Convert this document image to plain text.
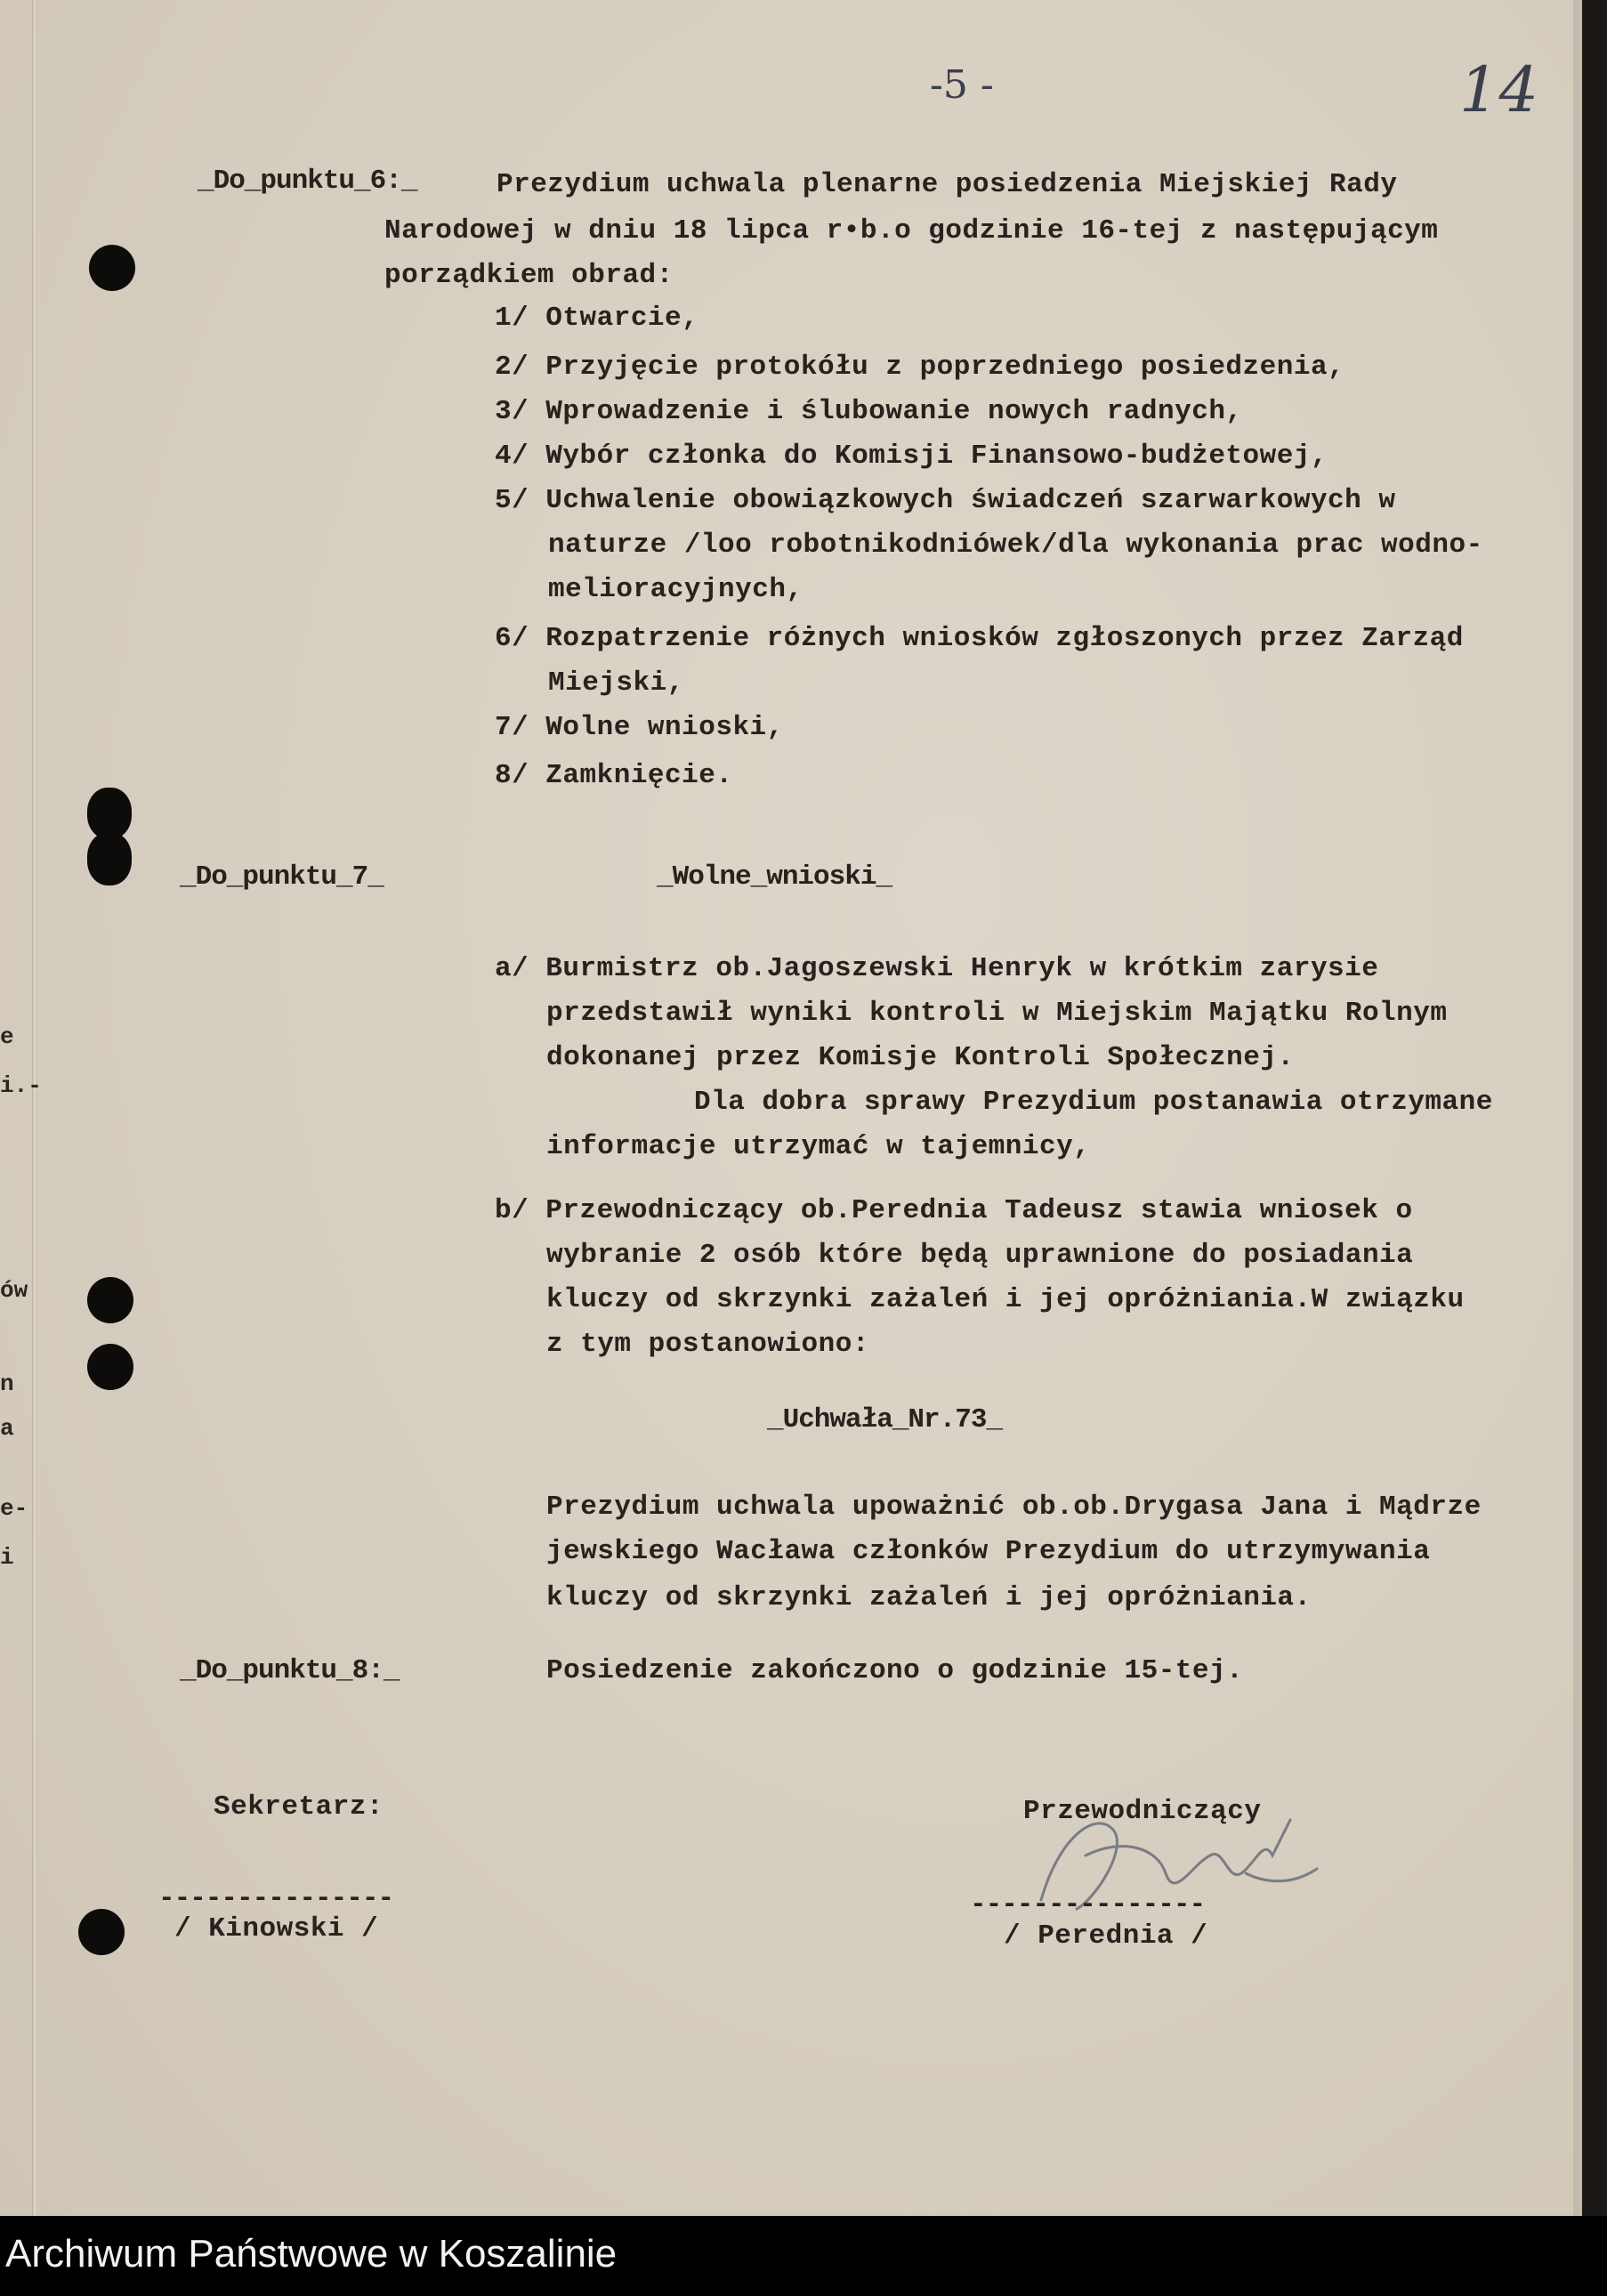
e
i.-
ów
n
a
e-
i
-5 -	14
_Do_punktu_6:_	Prezydium uchwala plenarne posiedzenia Miejskiej Rady
Narodowej w dniu 18 lipca r•b.o godzinie 16-tej z następującym
porządkiem obrad:
1/ Otwarcie,
2/ Przyjęcie protokółu z poprzedniego posiedzenia,
3/ Wprowadzenie i ślubowanie nowych radnych,
4/ Wybór członka do Komisji Finansowo-budżetowej,
5/ Uchwalenie obowiązkowych świadczeń szarwarkowych w
naturze /loo robotnikodniówek/dla wykonania prac wodno-
melioracyjnych,
6/ Rozpatrzenie różnych wniosków zgłoszonych przez Zarząd
Miejski,
7/ Wolne wnioski,
8/ Zamknięcie.
_Do_punktu_7_	_Wolne_wnioski_
a/ Burmistrz ob.Jagoszewski Henryk w krótkim zarysie
przedstawił wyniki kontroli w Miejskim Majątku Rolnym
dokonanej przez Komisje Kontroli Społecznej.
Dla dobra sprawy Prezydium postanawia otrzymane
informacje utrzymać w tajemnicy,
b/ Przewodniczący ob.Perednia Tadeusz stawia wniosek o
wybranie 2 osób które będą uprawnione do posiadania
kluczy od skrzynki zażaleń i jej opróżniania.W związku
z tym postanowiono:
_Uchwała_Nr.73_
Prezydium uchwala upoważnić ob.ob.Drygasa Jana i Mądrze
jewskiego Wacława członków Prezydium do utrzymywania
kluczy od skrzynki zażaleń i jej opróżniania.
_Do_punktu_8:_	Posiedzenie zakończono o godzinie 15-tej.
Sekretarz:
---------------
/ Kinowski /
Przewodniczący
---------------
/ Perednia /
Archiwum Państwowe w Koszalinie
